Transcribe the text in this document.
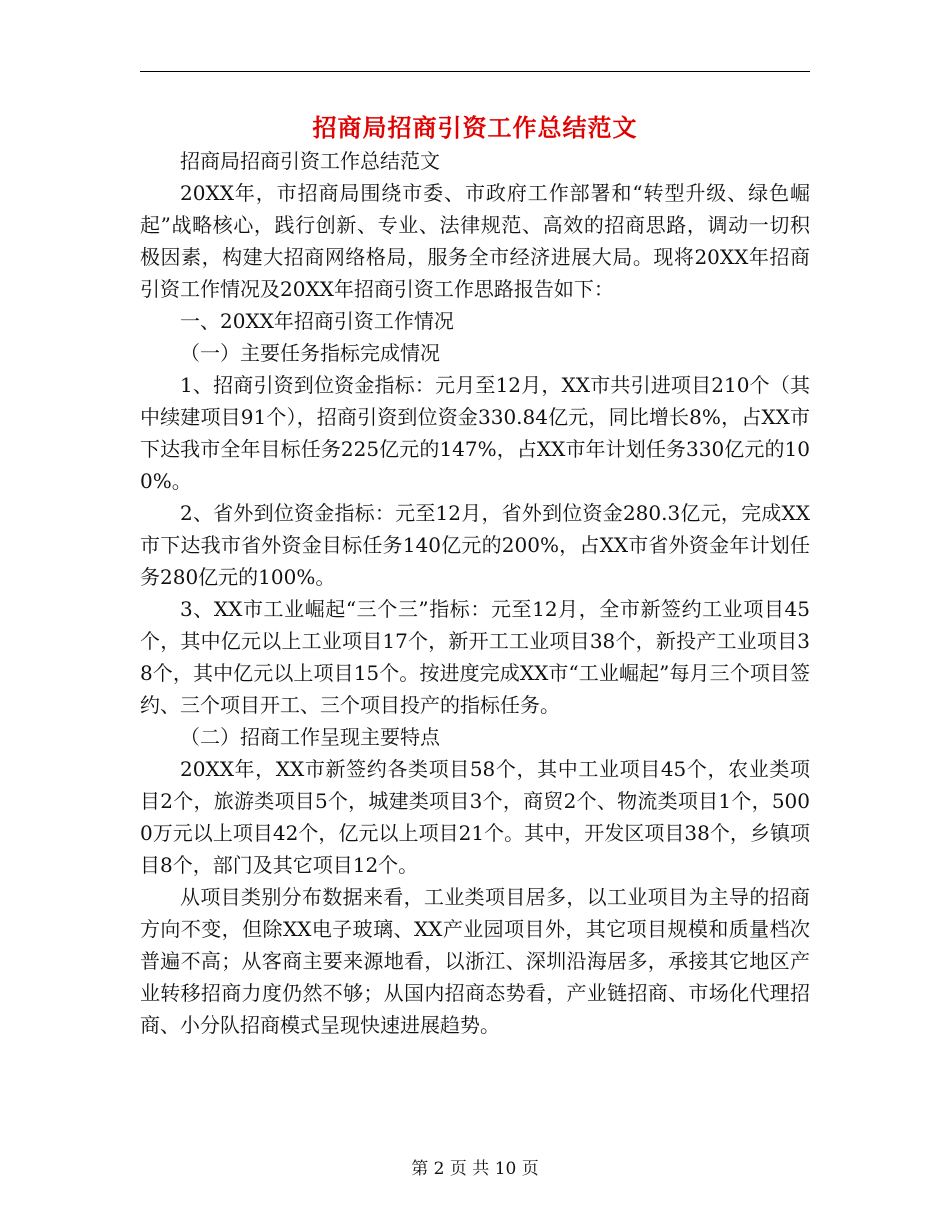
招商局招商引资工作总结范文

招商局招商引资工作总结范文

20XX年，市招商局围绕市委、市政府工作部署和“转型升级、绿色崛起”战略核心，践行创新、专业、法律规范、高效的招商思路，调动一切积极因素，构建大招商网络格局，服务全市经济进展大局。现将20XX年招商引资工作情况及20XX年招商引资工作思路报告如下：

一、20XX年招商引资工作情况

（一）主要任务指标完成情况

1、招商引资到位资金指标：元月至12月，XX市共引进项目210个（其中续建项目91个），招商引资到位资金330.84亿元，同比增长8%，占XX市下达我市全年目标任务225亿元的147%，占XX市年计划任务330亿元的100%。

2、省外到位资金指标：元至12月，省外到位资金280.3亿元，完成XX市下达我市省外资金目标任务140亿元的200%，占XX市省外资金年计划任务280亿元的100%。

3、XX市工业崛起“三个三”指标：元至12月，全市新签约工业项目45个，其中亿元以上工业项目17个，新开工工业项目38个，新投产工业项目38个，其中亿元以上项目15个。按进度完成XX市“工业崛起”每月三个项目签约、三个项目开工、三个项目投产的指标任务。

（二）招商工作呈现主要特点

20XX年，XX市新签约各类项目58个，其中工业项目45个，农业类项目2个，旅游类项目5个，城建类项目3个，商贸2个、物流类项目1个，5000万元以上项目42个，亿元以上项目21个。其中，开发区项目38个，乡镇项目8个，部门及其它项目12个。

从项目类别分布数据来看，工业类项目居多，以工业项目为主导的招商方向不变，但除XX电子玻璃、XX产业园项目外，其它项目规模和质量档次普遍不高；从客商主要来源地看，以浙江、深圳沿海居多，承接其它地区产业转移招商力度仍然不够；从国内招商态势看，产业链招商、市场化代理招商、小分队招商模式呈现快速进展趋势。

第 2 页 共 10 页
